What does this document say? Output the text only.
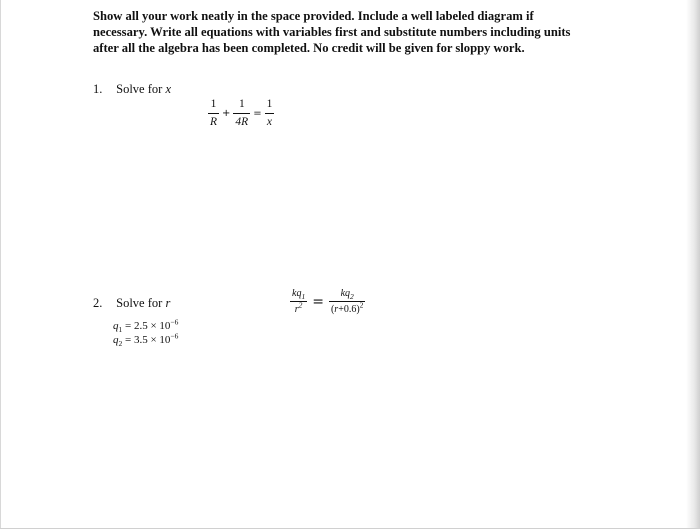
Show all your work neatly in the space provided. Include a well labeled diagram if
necessary. Write all equations with variables first and substitute numbers including units
after all the algebra has been completed. No credit will be given for sloppy work.

1. Solve for x
$\frac{1}{R} + \frac{1}{4R} = \frac{1}{x}$
2. Solve for r	$\frac{kq_1}{r^2} = \frac{kq_2}{(r+0.6)^2}$
$q_1 = 2.5 \times 10^{-6}$
$q_2 = 3.5 \times 10^{-6}$
